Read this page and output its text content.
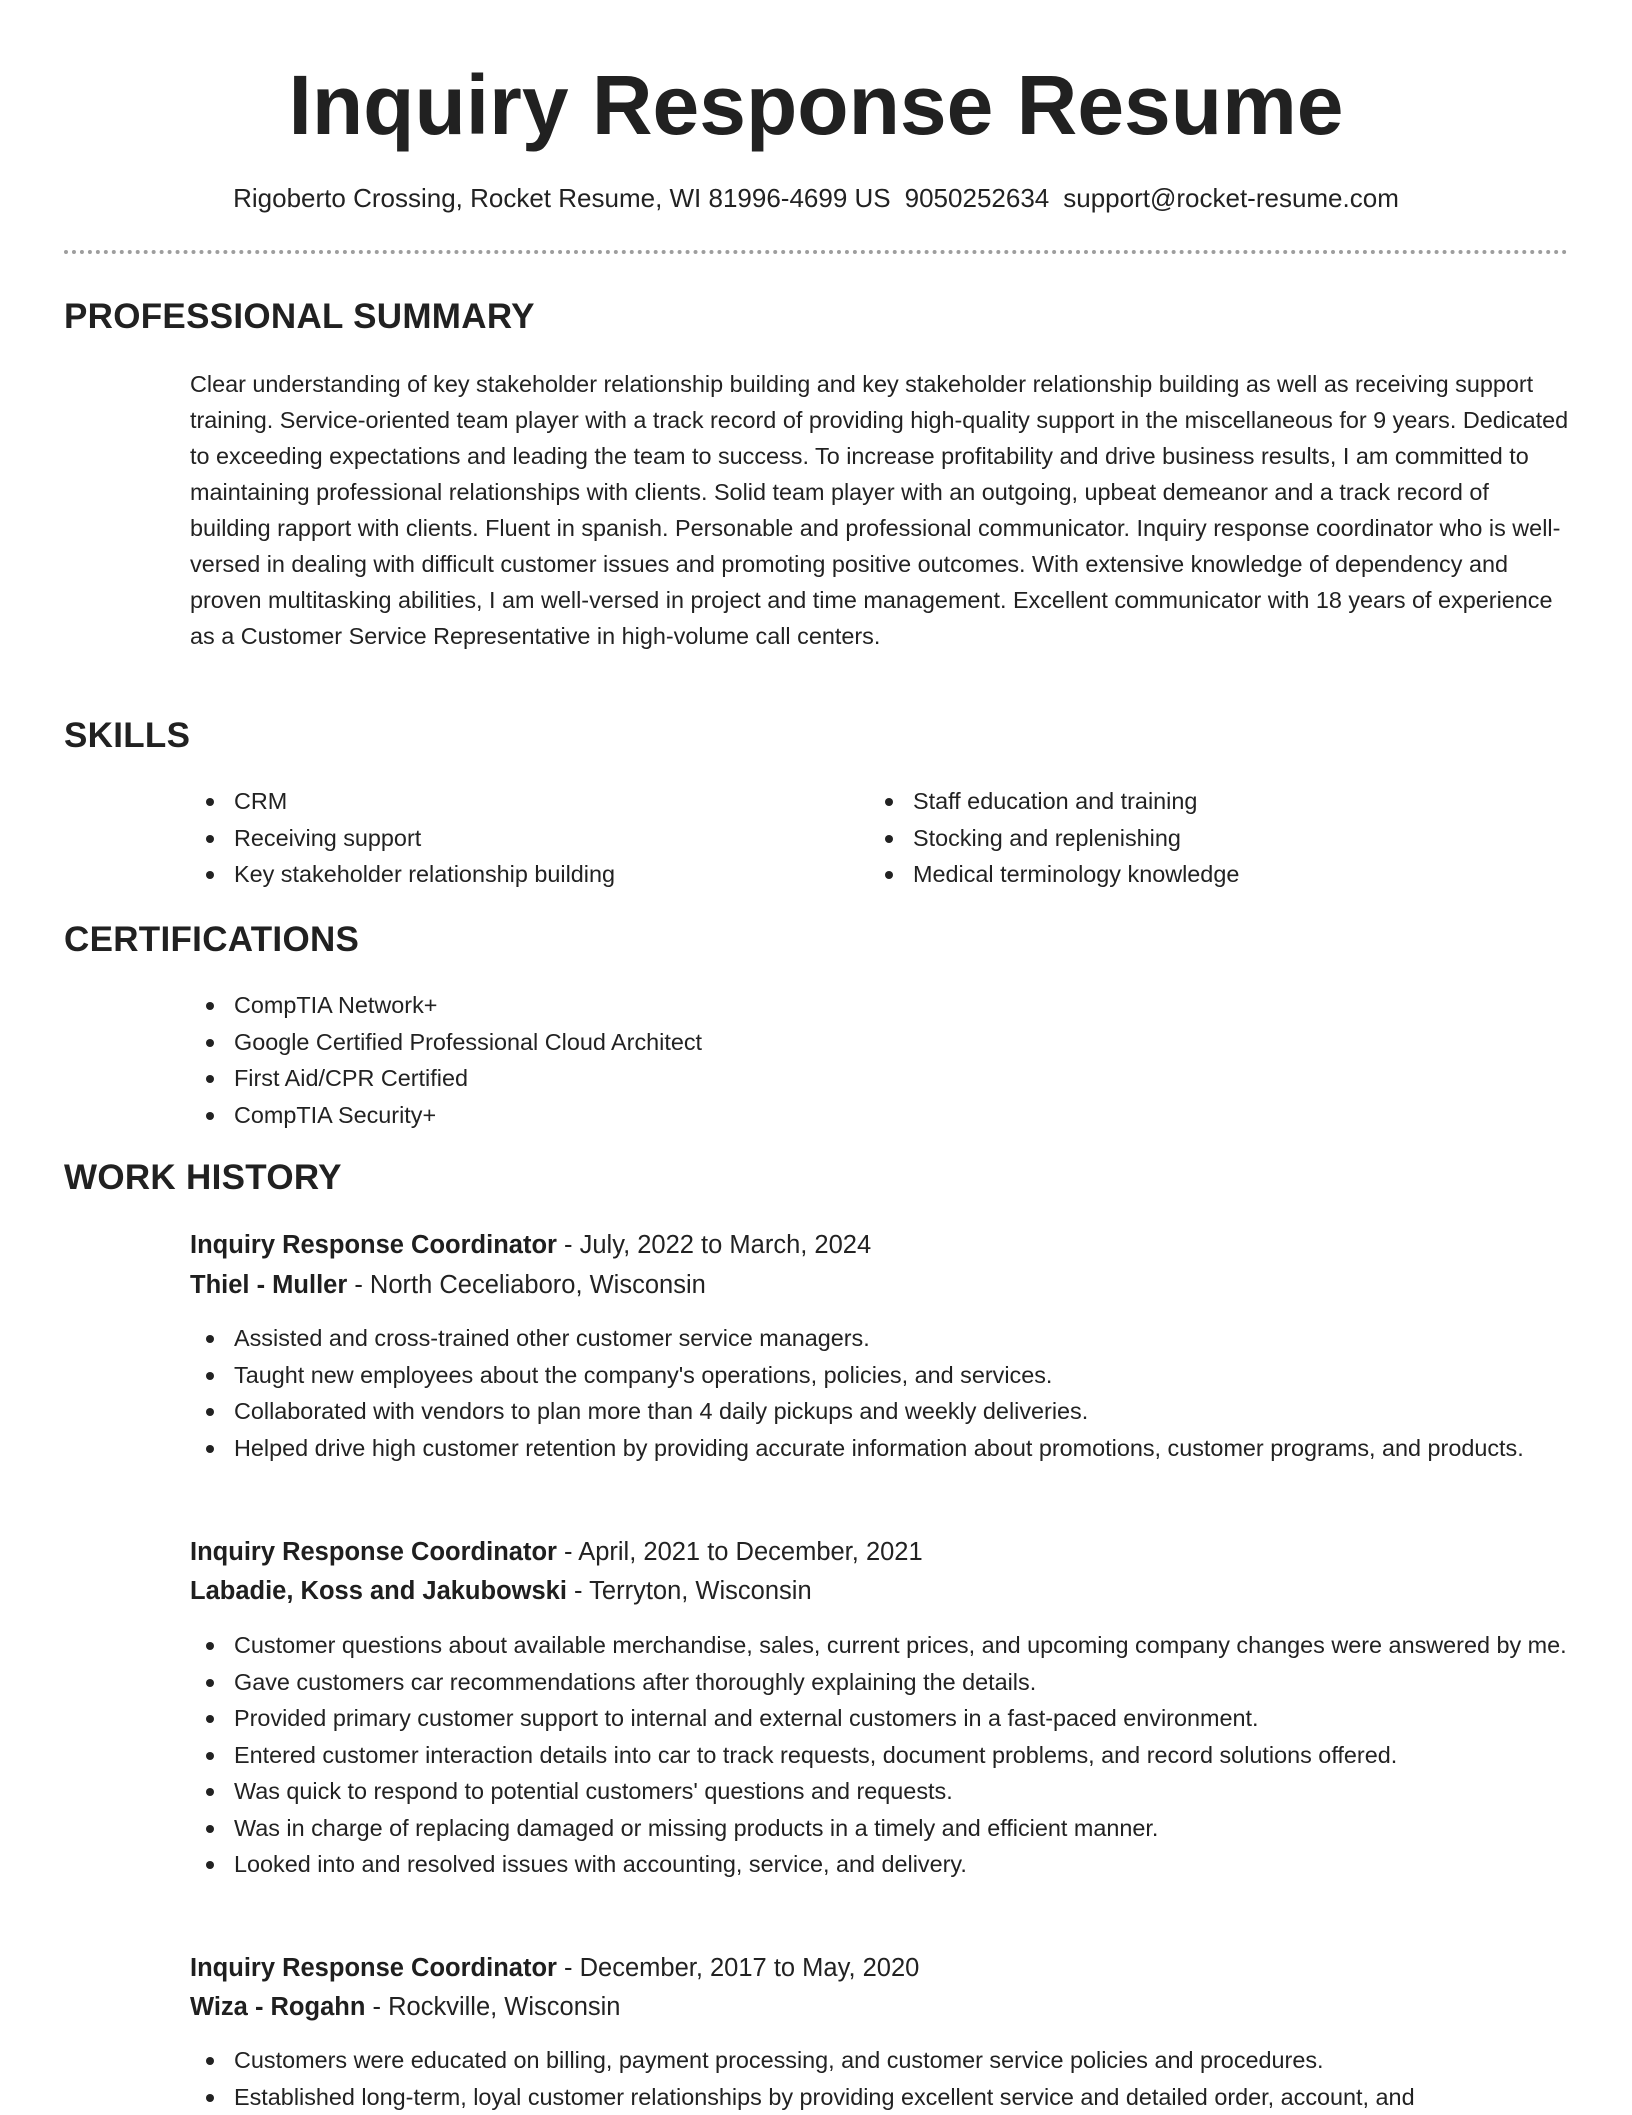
Inquiry Response Resume
Rigoberto Crossing, Rocket Resume, WI 81996-4699 US 9050252634 support@rocket-resume.com
PROFESSIONAL SUMMARY

Clear understanding of key stakeholder relationship building and key stakeholder relationship building as well as receiving support training. Service-oriented team player with a track record of providing high-quality support in the miscellaneous for 9 years. Dedicated to exceeding expectations and leading the team to success. To increase profitability and drive business results, I am committed to maintaining professional relationships with clients. Solid team player with an outgoing, upbeat demeanor and a track record of building rapport with clients. Fluent in spanish. Personable and professional communicator. Inquiry response coordinator who is well-versed in dealing with difficult customer issues and promoting positive outcomes. With extensive knowledge of dependency and proven multitasking abilities, I am well-versed in project and time management. Excellent communicator with 18 years of experience as a Customer Service Representative in high-volume call centers.

SKILLS
CRM
Receiving support
Key stakeholder relationship building
Staff education and training
Stocking and replenishing
Medical terminology knowledge
CERTIFICATIONS
CompTIA Network+
Google Certified Professional Cloud Architect
First Aid/CPR Certified
CompTIA Security+
WORK HISTORY
Inquiry Response Coordinator - July, 2022 to March, 2024
Thiel - Muller - North Ceceliaboro, Wisconsin
Assisted and cross-trained other customer service managers.
Taught new employees about the company's operations, policies, and services.
Collaborated with vendors to plan more than 4 daily pickups and weekly deliveries.
Helped drive high customer retention by providing accurate information about promotions, customer programs, and products.
Inquiry Response Coordinator - April, 2021 to December, 2021
Labadie, Koss and Jakubowski - Terryton, Wisconsin
Customer questions about available merchandise, sales, current prices, and upcoming company changes were answered by me.
Gave customers car recommendations after thoroughly explaining the details.
Provided primary customer support to internal and external customers in a fast-paced environment.
Entered customer interaction details into car to track requests, document problems, and record solutions offered.
Was quick to respond to potential customers' questions and requests.
Was in charge of replacing damaged or missing products in a timely and efficient manner.
Looked into and resolved issues with accounting, service, and delivery.
Inquiry Response Coordinator - December, 2017 to May, 2020
Wiza - Rogahn - Rockville, Wisconsin
Customers were educated on billing, payment processing, and customer service policies and procedures.
Established long-term, loyal customer relationships by providing excellent service and detailed order, account, and
